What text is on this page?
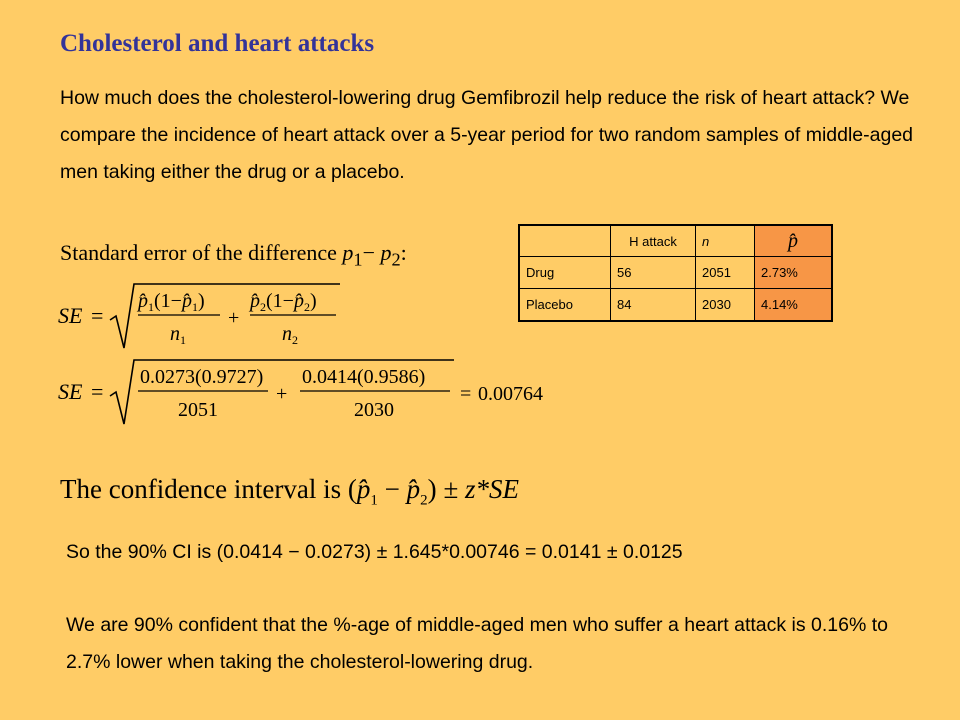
Cholesterol and heart attacks
How much does the cholesterol-lowering drug Gemfibrozil help reduce the risk of heart attack? We compare the incidence of heart attack over a 5-year period for two random samples of middle-aged men taking either the drug or a placebo.
Standard error of the difference $p_1- p_2$:
		H attack	n	p̂
Drug	56	2051	2.73%
Placebo	84	2030	4.14%
SE =
$p̂_1(1-p̂_1)$
$n_1$
+
$p̂_2(1-p̂_2)$
$n_2$
SE =
0.0273(0.9727)
2051
+
0.0414(0.9586)
2030
= 0.00764
The confidence interval is ($p̂_1$ − $p̂_2) \pm z*SE$
So the 90% CI is (0.0414 − 0.0273) ± 1.645*0.00746 = 0.0141 ± 0.0125
We are 90% confident that the %-age of middle-aged men who suffer a heart attack is 0.16% to 2.7% lower when taking the cholesterol-lowering drug.
